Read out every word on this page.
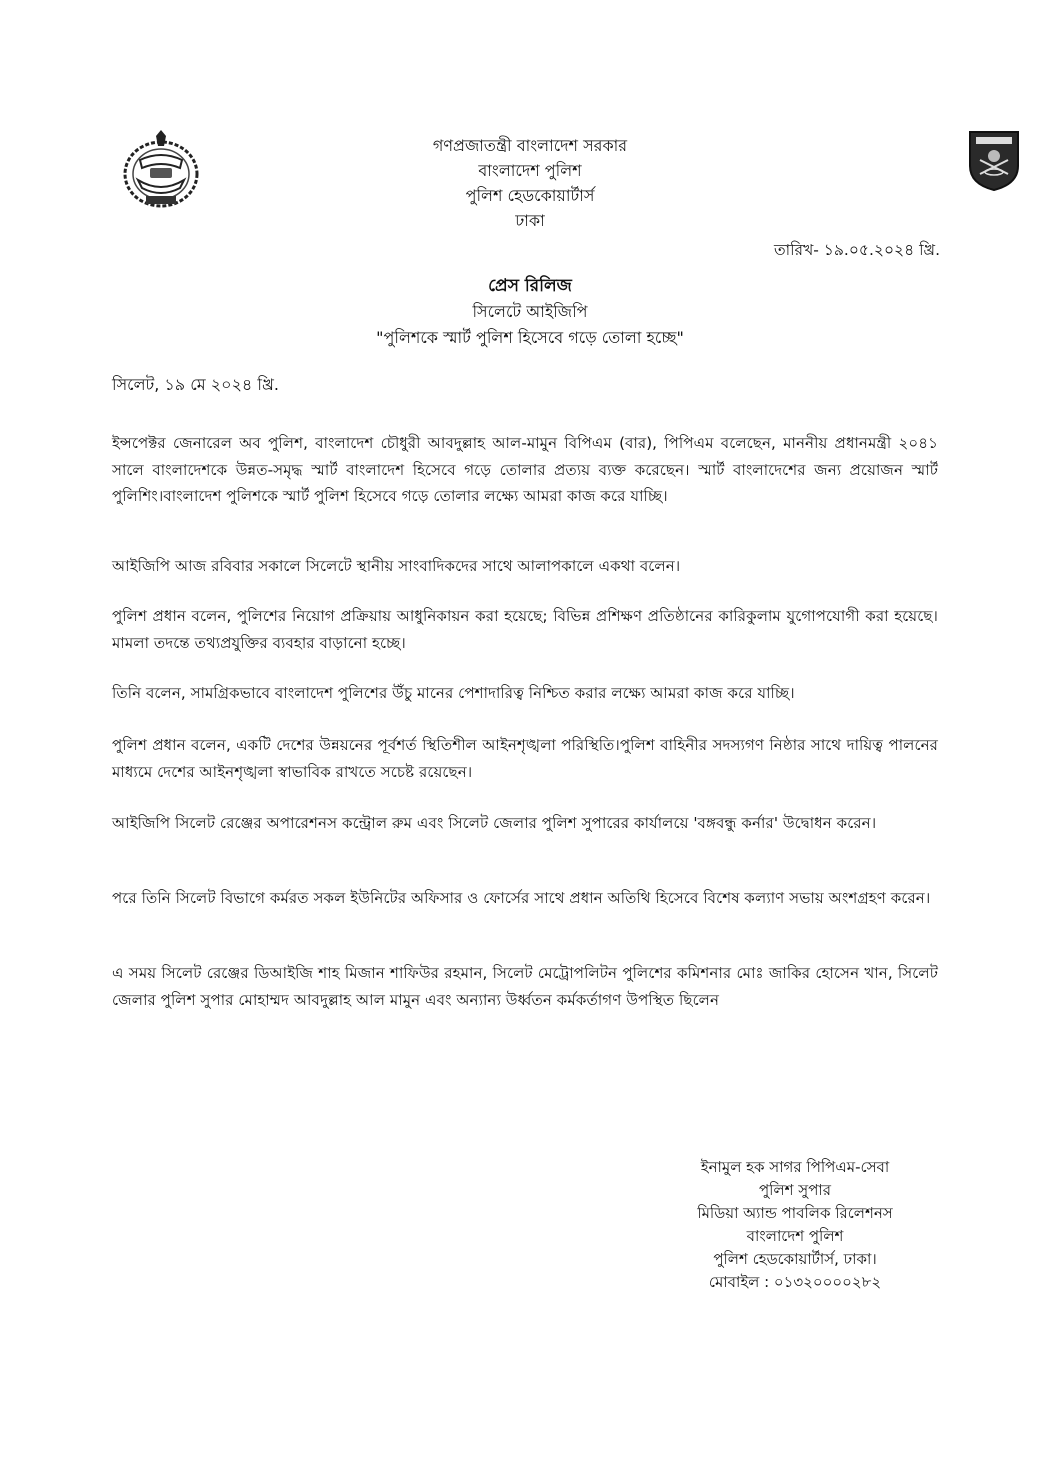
গণপ্রজাতন্ত্রী বাংলাদেশ সরকার
বাংলাদেশ পুলিশ
পুলিশ হেডকোয়ার্টার্স
ঢাকা
তারিখ- ১৯.০৫.২০২৪ খ্রি.
প্রেস রিলিজ
সিলেটে আইজিপি
"পুলিশকে স্মার্ট পুলিশ হিসেবে গড়ে তোলা হচ্ছে"
সিলেট, ১৯ মে ২০২৪ খ্রি.
ইন্সপেক্টর জেনারেল অব পুলিশ, বাংলাদেশ চৌধুরী আবদুল্লাহ আল-মামুন বিপিএম (বার), পিপিএম বলেছেন, মাননীয় প্রধানমন্ত্রী ২০৪১ সালে বাংলাদেশকে উন্নত-সমৃদ্ধ স্মার্ট বাংলাদেশ হিসেবে গড়ে তোলার প্রত্যয় ব্যক্ত করেছেন। স্মার্ট বাংলাদেশের জন্য প্রয়োজন স্মার্ট পুলিশিং।বাংলাদেশ পুলিশকে স্মার্ট পুলিশ হিসেবে গড়ে তোলার লক্ষ্যে আমরা কাজ করে যাচ্ছি।
আইজিপি আজ রবিবার সকালে সিলেটে স্থানীয় সাংবাদিকদের সাথে আলাপকালে একথা বলেন।
পুলিশ প্রধান বলেন, পুলিশের নিয়োগ প্রক্রিয়ায় আধুনিকায়ন করা হয়েছে; বিভিন্ন প্রশিক্ষণ প্রতিষ্ঠানের কারিকুলাম যুগোপযোগী করা হয়েছে।মামলা তদন্তে তথ্যপ্রযুক্তির ব্যবহার বাড়ানো হচ্ছে।
তিনি বলেন, সামগ্রিকভাবে বাংলাদেশ পুলিশের উঁচু মানের পেশাদারিত্ব নিশ্চিত করার লক্ষ্যে আমরা কাজ করে যাচ্ছি।
পুলিশ প্রধান বলেন, একটি দেশের উন্নয়নের পূর্বশর্ত স্থিতিশীল আইনশৃঙ্খলা পরিস্থিতি।পুলিশ বাহিনীর সদস্যগণ নিষ্ঠার সাথে দায়িত্ব পালনের মাধ্যমে দেশের আইনশৃঙ্খলা স্বাভাবিক রাখতে সচেষ্ট রয়েছেন।
আইজিপি সিলেট রেঞ্জের অপারেশনস কন্ট্রোল রুম এবং সিলেট জেলার পুলিশ সুপারের কার্যালয়ে 'বঙ্গবন্ধু কর্নার' উদ্বোধন করেন।
পরে তিনি সিলেট বিভাগে কর্মরত সকল ইউনিটের অফিসার ও ফোর্সের সাথে প্রধান অতিথি হিসেবে বিশেষ কল্যাণ সভায় অংশগ্রহণ করেন।
এ সময় সিলেট রেঞ্জের ডিআইজি শাহ মিজান শাফিউর রহমান, সিলেট মেট্রোপলিটন পুলিশের কমিশনার মোঃ জাকির হোসেন খান, সিলেট জেলার পুলিশ সুপার মোহাম্মদ আবদুল্লাহ আল মামুন এবং অন্যান্য উর্ধ্বতন কর্মকর্তাগণ উপস্থিত ছিলেন
ইনামুল হক সাগর পিপিএম-সেবা
পুলিশ সুপার
মিডিয়া অ্যান্ড পাবলিক রিলেশনস
বাংলাদেশ পুলিশ
পুলিশ হেডকোয়ার্টার্স, ঢাকা।
মোবাইল : ০১৩২০০০০২৮২
